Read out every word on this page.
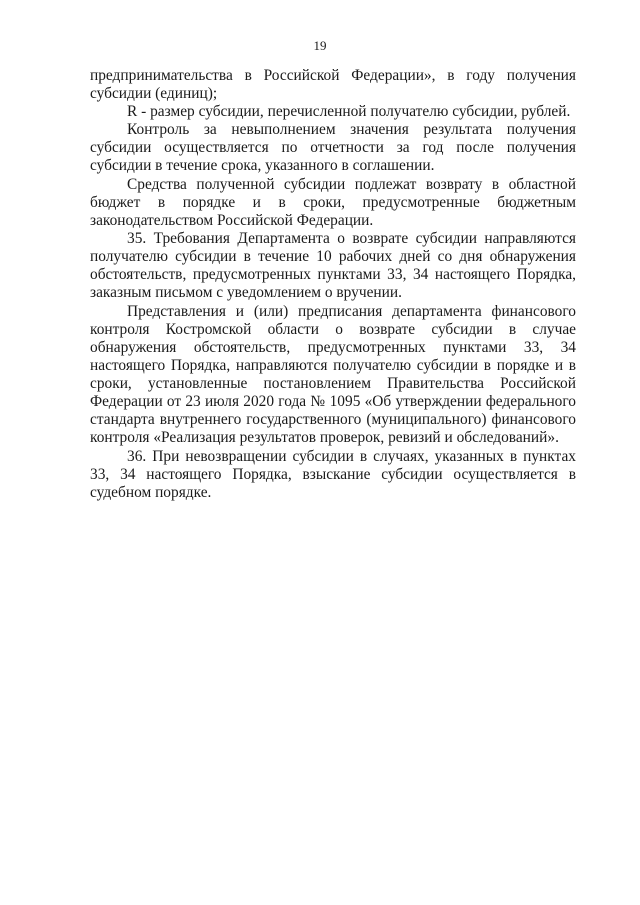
19

предпринимательства в Российской Федерации», в году получения субсидии (единиц);

R - размер субсидии, перечисленной получателю субсидии, рублей.

Контроль за невыполнением значения результата получения субсидии осуществляется по отчетности за год после получения субсидии в течение срока, указанного в соглашении.

Средства полученной субсидии подлежат возврату в областной бюджет в порядке и в сроки, предусмотренные бюджетным законодательством Российской Федерации.

35. Требования Департамента о возврате субсидии направляются получателю субсидии в течение 10 рабочих дней со дня обнаружения обстоятельств, предусмотренных пунктами 33, 34 настоящего Порядка, заказным письмом с уведомлением о вручении.

Представления и (или) предписания департамента финансового контроля Костромской области о возврате субсидии в случае обнаружения обстоятельств, предусмотренных пунктами 33, 34 настоящего Порядка, направляются получателю субсидии в порядке и в сроки, установленные постановлением Правительства Российской Федерации от 23 июля 2020 года № 1095 «Об утверждении федерального стандарта внутреннего государственного (муниципального) финансового контроля «Реализация результатов проверок, ревизий и обследований».

36. При невозвращении субсидии в случаях, указанных в пунктах 33, 34 настоящего Порядка, взыскание субсидии осуществляется в судебном порядке.
